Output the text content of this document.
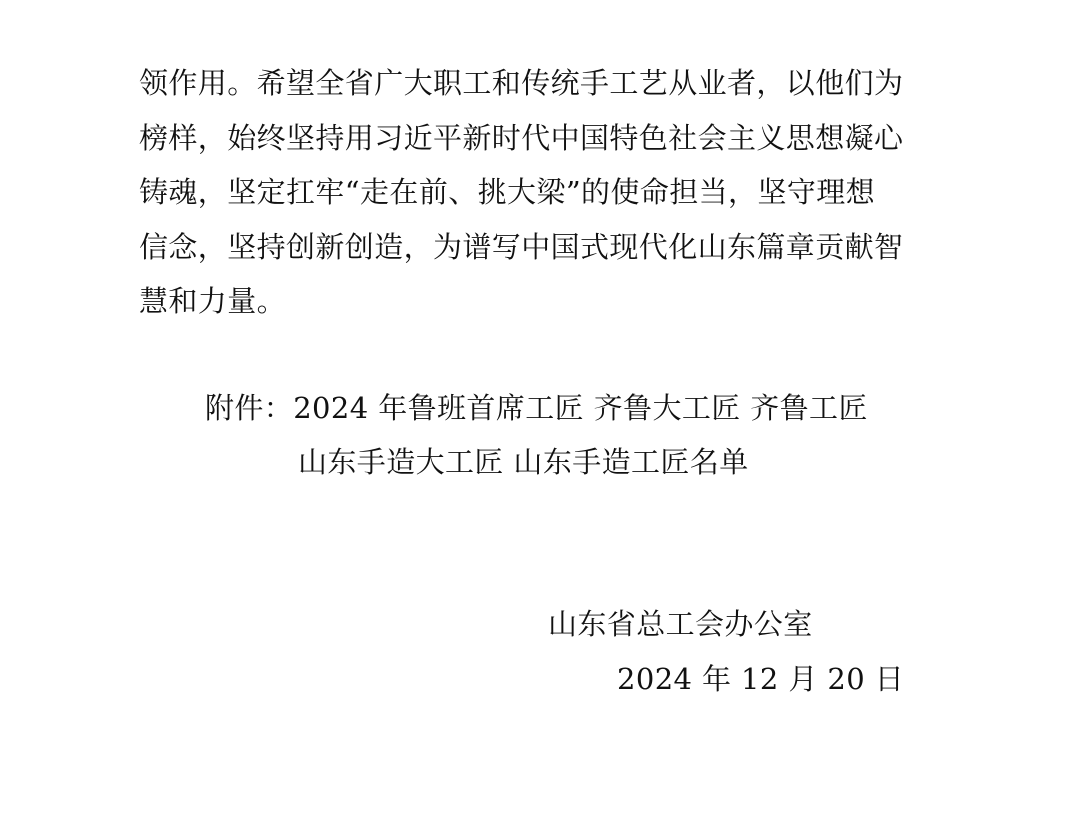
领作用。希望全省广大职工和传统手工艺从业者，以他们为
榜样，始终坚持用习近平新时代中国特色社会主义思想凝心
铸魂，坚定扛牢“走在前、挑大梁”的使命担当，坚守理想
信念，坚持创新创造，为谱写中国式现代化山东篇章贡献智
慧和力量。
附件：2024 年鲁班首席工匠 齐鲁大工匠 齐鲁工匠
山东手造大工匠 山东手造工匠名单
山东省总工会办公室
2024 年 12 月 20 日
